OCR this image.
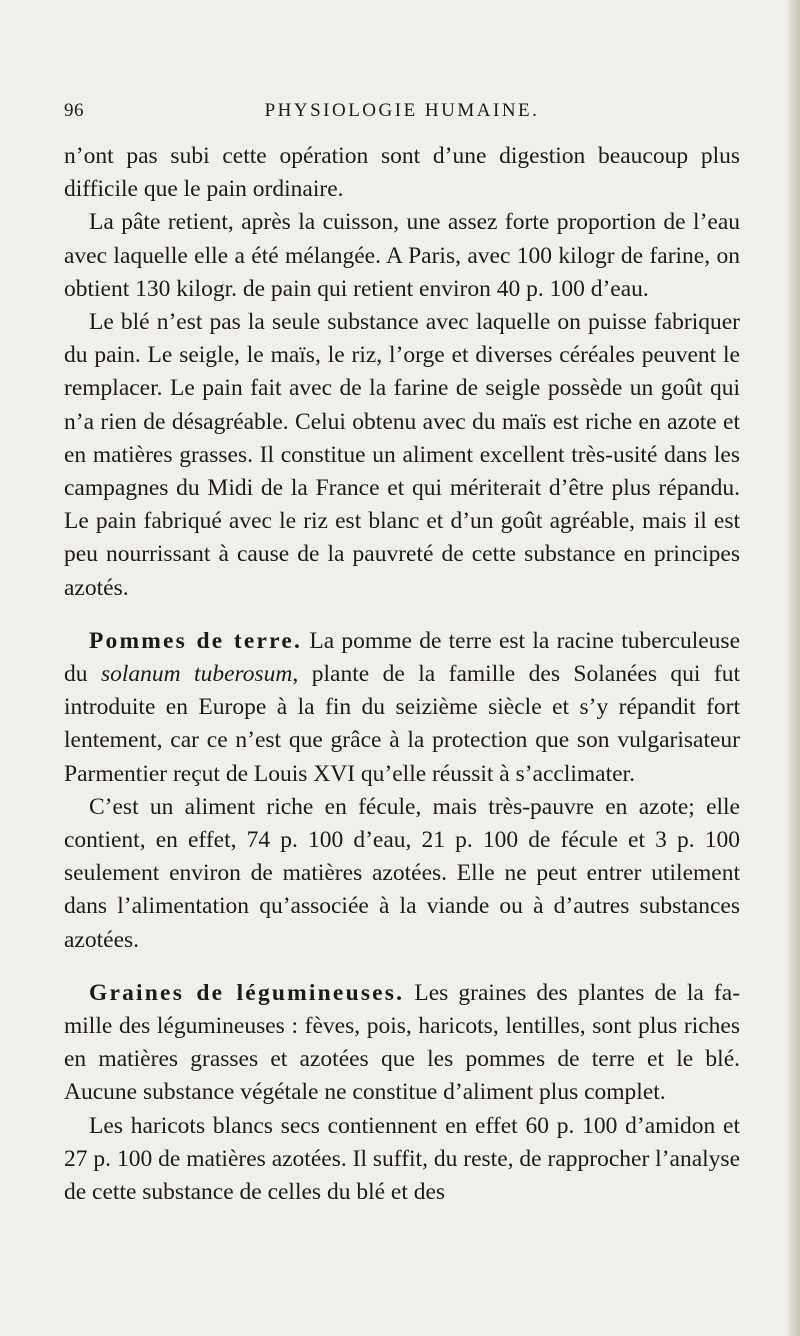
96	PHYSIOLOGIE HUMAINE.

n’ont pas subi cette opération sont d’une digestion beaucoup plus difficile que le pain ordinaire.

La pâte retient, après la cuisson, une assez forte proportion de l’eau avec laquelle elle a été mélangée. A Paris, avec 100 kilogr de farine, on obtient 130 kilogr. de pain qui retient environ 40 p. 100 d’eau.

Le blé n’est pas la seule substance avec laquelle on puisse fabriquer du pain. Le seigle, le maïs, le riz, l’orge et diverses céréales peuvent le remplacer. Le pain fait avec de la farine de seigle possède un goût qui n’a rien de désagréable. Celui obtenu avec du maïs est riche en azote et en matières grasses. Il constitue un aliment excellent très-usité dans les campagnes du Midi de la France et qui mériterait d’être plus répandu. Le pain fabriqué avec le riz est blanc et d’un goût agréable, mais il est peu nourrissant à cause de la pauvreté de cette substance en principes azotés.

Pommes de terre. La pomme de terre est la racine tuberculeuse du solanum tuberosum, plante de la famille des Solanées qui fut introduite en Europe à la fin du seizième siècle et s’y répandit fort lentement, car ce n’est que grâce à la protection que son vulgarisateur Parmentier reçut de Louis XVI qu’elle réussit à s’acclimater.

C’est un aliment riche en fécule, mais très-pauvre en azote; elle contient, en effet, 74 p. 100 d’eau, 21 p. 100 de fécule et 3 p. 100 seulement environ de matières azotées. Elle ne peut entrer utilement dans l’alimentation qu’associée à la viande ou à d’autres substances azotées.

Graines de légumineuses. Les graines des plantes de la famille des légumineuses : fèves, pois, haricots, lentilles, sont plus riches en matières grasses et azotées que les pommes de terre et le blé. Aucune substance végétale ne constitue d’aliment plus complet.

Les haricots blancs secs contiennent en effet 60 p. 100 d’amidon et 27 p. 100 de matières azotées. Il suffit, du reste, de rapprocher l’analyse de cette substance de celles du blé et des
